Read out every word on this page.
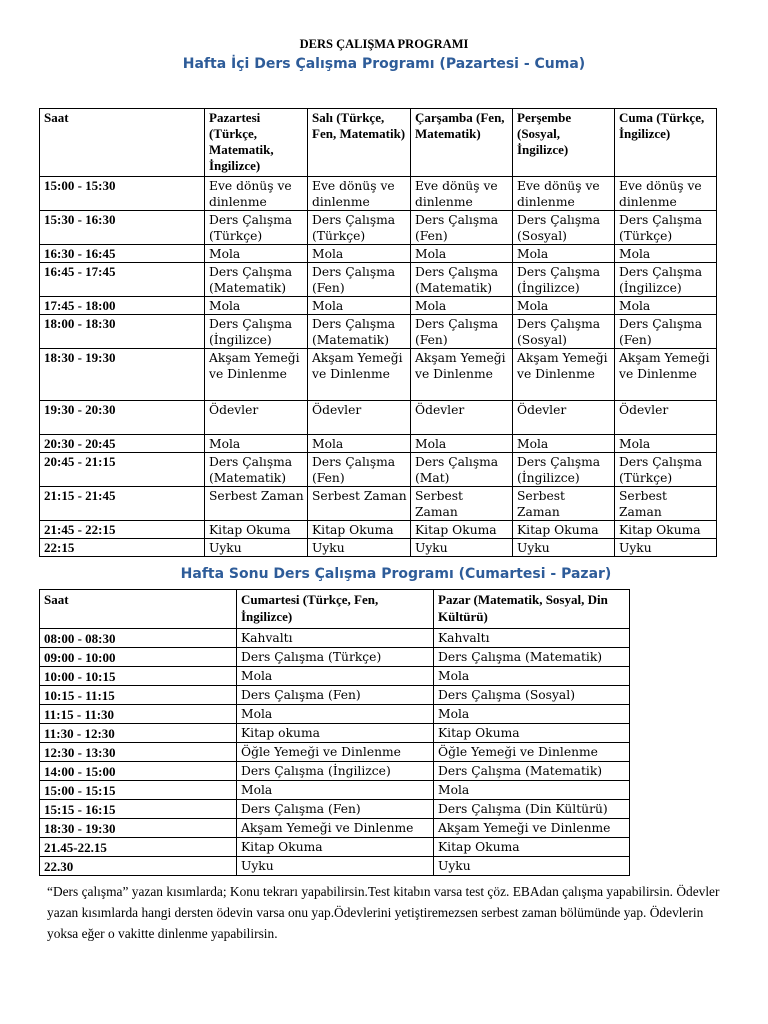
DERS ÇALIŞMA PROGRAMI
Hafta İçi Ders Çalışma Programı (Pazartesi - Cuma)
Saat	Pazartesi (Türkçe, Matematik, İngilizce)	Salı (Türkçe, Fen, Matematik)	Çarşamba (Fen, Matematik)	Perşembe (Sosyal, İngilizce)	Cuma (Türkçe, İngilizce)
15:00 - 15:30	Eve dönüş ve dinlenme	Eve dönüş ve dinlenme	Eve dönüş ve dinlenme	Eve dönüş ve dinlenme	Eve dönüş ve dinlenme
15:30 - 16:30	Ders Çalışma (Türkçe)	Ders Çalışma (Türkçe)	Ders Çalışma (Fen)	Ders Çalışma (Sosyal)	Ders Çalışma (Türkçe)
16:30 - 16:45	Mola	Mola	Mola	Mola	Mola
16:45 - 17:45	Ders Çalışma (Matematik)	Ders Çalışma (Fen)	Ders Çalışma (Matematik)	Ders Çalışma (İngilizce)	Ders Çalışma (İngilizce)
17:45 - 18:00	Mola	Mola	Mola	Mola	Mola
18:00 - 18:30	Ders Çalışma (İngilizce)	Ders Çalışma (Matematik)	Ders Çalışma (Fen)	Ders Çalışma (Sosyal)	Ders Çalışma (Fen)
18:30 - 19:30	Akşam Yemeği ve Dinlenme	Akşam Yemeği ve Dinlenme	Akşam Yemeği ve Dinlenme	Akşam Yemeği ve Dinlenme	Akşam Yemeği ve Dinlenme
19:30 - 20:30	Ödevler	Ödevler	Ödevler	Ödevler	Ödevler
20:30 - 20:45	Mola	Mola	Mola	Mola	Mola
20:45 - 21:15	Ders Çalışma (Matematik)	Ders Çalışma (Fen)	Ders Çalışma (Mat)	Ders Çalışma (İngilizce)	Ders Çalışma (Türkçe)
21:15 - 21:45	Serbest Zaman	Serbest Zaman	Serbest Zaman	Serbest Zaman	Serbest Zaman
21:45 - 22:15	Kitap Okuma	Kitap Okuma	Kitap Okuma	Kitap Okuma	Kitap Okuma
22:15	Uyku	Uyku	Uyku	Uyku	Uyku
Hafta Sonu Ders Çalışma Programı (Cumartesi - Pazar)
Saat	Cumartesi (Türkçe, Fen, İngilizce)	Pazar (Matematik, Sosyal, Din Kültürü)
08:00 - 08:30	Kahvaltı	Kahvaltı
09:00 - 10:00	Ders Çalışma (Türkçe)	Ders Çalışma (Matematik)
10:00 - 10:15	Mola	Mola
10:15 - 11:15	Ders Çalışma (Fen)	Ders Çalışma (Sosyal)
11:15 - 11:30	Mola	Mola
11:30 - 12:30	Kitap okuma	Kitap Okuma
12:30 - 13:30	Öğle Yemeği ve Dinlenme	Öğle Yemeği ve Dinlenme
14:00 - 15:00	Ders Çalışma (İngilizce)	Ders Çalışma (Matematik)
15:00 - 15:15	Mola	Mola
15:15 - 16:15	Ders Çalışma (Fen)	Ders Çalışma (Din Kültürü)
18:30 - 19:30	Akşam Yemeği ve Dinlenme	Akşam Yemeği ve Dinlenme
21.45-22.15	Kitap Okuma	Kitap Okuma
22.30	Uyku	Uyku
“Ders çalışma” yazan kısımlarda; Konu tekrarı yapabilirsin.Test kitabın varsa test çöz. EBAdan çalışma yapabilirsin. Ödevler yazan kısımlarda hangi dersten ödevin varsa onu yap.Ödevlerini yetiştiremezsen serbest zaman bölümünde yap. Ödevlerin yoksa eğer o vakitte dinlenme yapabilirsin.
